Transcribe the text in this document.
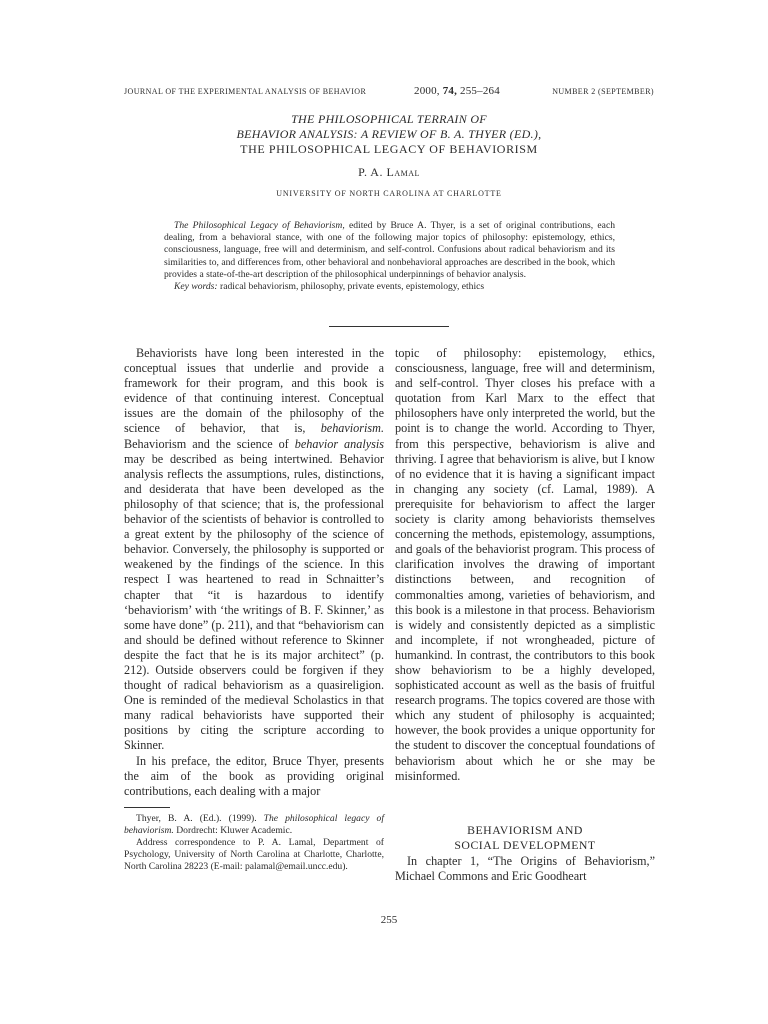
JOURNAL OF THE EXPERIMENTAL ANALYSIS OF BEHAVIOR	2000, 74, 255–264	NUMBER 2 (SEPTEMBER)
THE PHILOSOPHICAL TERRAIN OF
BEHAVIOR ANALYSIS: A REVIEW OF B. A. THYER (ED.),
THE PHILOSOPHICAL LEGACY OF BEHAVIORISM
P. A. Lamal
UNIVERSITY OF NORTH CAROLINA AT CHARLOTTE

The Philosophical Legacy of Behaviorism, edited by Bruce A. Thyer, is a set of original contributions, each dealing, from a behavioral stance, with one of the following major topics of philosophy: epistemology, ethics, consciousness, language, free will and determinism, and self-control. Confusions about radical behaviorism and its similarities to, and differences from, other behavioral and nonbehavioral approaches are described in the book, which provides a state-of-the-art description of the philosophical underpinnings of behavior analysis.

Key words: radical behaviorism, philosophy, private events, epistemology, ethics

Behaviorists have long been interested in the conceptual issues that underlie and provide a framework for their program, and this book is evidence of that continuing interest. Conceptual issues are the domain of the philosophy of the science of behavior, that is, behaviorism. Behaviorism and the science of behavior analysis may be described as being intertwined. Behavior analysis reflects the assumptions, rules, distinctions, and desiderata that have been developed as the philosophy of that science; that is, the professional behavior of the scientists of behavior is controlled to a great extent by the philosophy of the science of behavior. Conversely, the philosophy is supported or weakened by the findings of the science. In this respect I was heartened to read in Schnaitter’s chapter that “it is hazardous to identify ‘behaviorism’ with ‘the writings of B. F. Skinner,’ as some have done” (p. 211), and that “behaviorism can and should be defined without reference to Skinner despite the fact that he is its major architect” (p. 212). Outside observers could be forgiven if they thought of radical behaviorism as a quasireligion. One is reminded of the medieval Scholastics in that many radical behaviorists have supported their positions by citing the scripture according to Skinner.

In his preface, the editor, Bruce Thyer, presents the aim of the book as providing original contributions, each dealing with a major

topic of philosophy: epistemology, ethics, consciousness, language, free will and determinism, and self-control. Thyer closes his preface with a quotation from Karl Marx to the effect that philosophers have only interpreted the world, but the point is to change the world. According to Thyer, from this perspective, behaviorism is alive and thriving. I agree that behaviorism is alive, but I know of no evidence that it is having a significant impact in changing any society (cf. Lamal, 1989). A prerequisite for behaviorism to affect the larger society is clarity among behaviorists themselves concerning the methods, epistemology, assumptions, and goals of the behaviorist program. This process of clarification involves the drawing of important distinctions between, and recognition of commonalties among, varieties of behaviorism, and this book is a milestone in that process. Behaviorism is widely and consistently depicted as a simplistic and incomplete, if not wrongheaded, picture of humankind. In contrast, the contributors to this book show behaviorism to be a highly developed, sophisticated account as well as the basis of fruitful research programs. The topics covered are those with which any student of philosophy is acquainted; however, the book provides a unique opportunity for the student to discover the conceptual foundations of behaviorism about which he or she may be misinformed.

Thyer, B. A. (Ed.). (1999). The philosophical legacy of behaviorism. Dordrecht: Kluwer Academic.

Address correspondence to P. A. Lamal, Department of Psychology, University of North Carolina at Charlotte, Charlotte, North Carolina 28223 (E-mail: palamal@email.uncc.edu).

BEHAVIORISM AND
SOCIAL DEVELOPMENT

In chapter 1, “The Origins of Behaviorism,” Michael Commons and Eric Goodheart

255
